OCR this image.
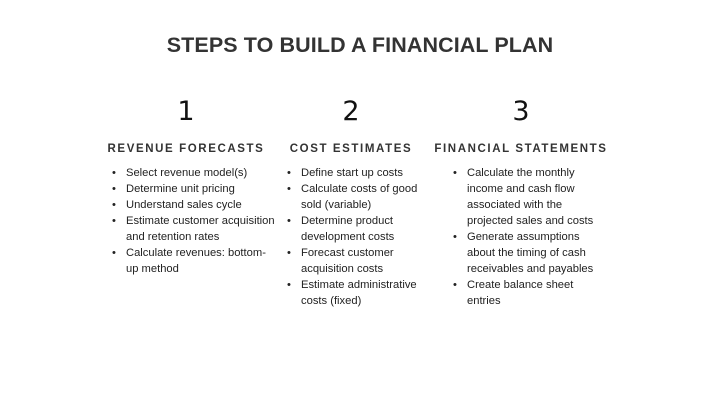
STEPS TO BUILD A FINANCIAL PLAN
1
REVENUE FORECASTS
• Select revenue model(s)
• Determine unit pricing
• Understand sales cycle
• Estimate customer acquisition and retention rates
• Calculate revenues: bottom-up method
2
COST ESTIMATES
• Define start up costs
• Calculate costs of good sold (variable)
• Determine product development costs
• Forecast customer acquisition costs
• Estimate administrative costs (fixed)
3
FINANCIAL STATEMENTS
• Calculate the monthly income and cash flow associated with the projected sales and costs
• Generate assumptions about the timing of cash receivables and payables
• Create balance sheet entries
